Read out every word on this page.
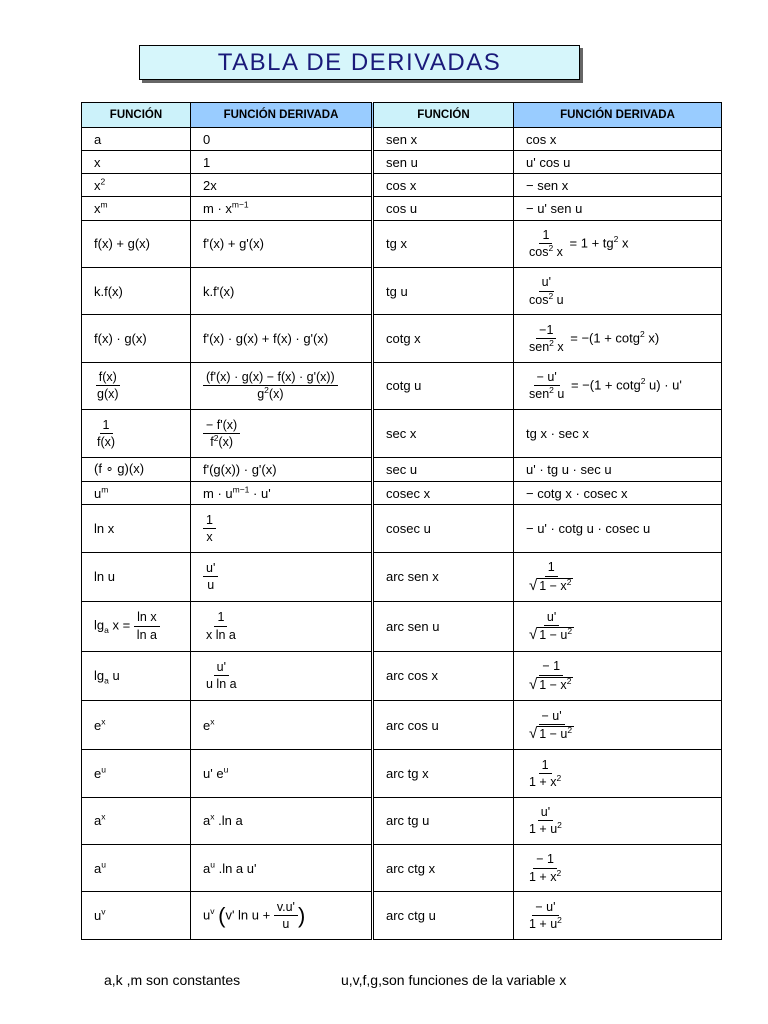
TABLA DE DERIVADAS
FUNCIÓN	FUNCIÓN DERIVADA	FUNCIÓN	FUNCIÓN DERIVADA
a	0	sen x	cos x
x	1	sen u	u' cos u
$x^2$	2x	cos x	− sen x
$x^m$	$m \cdot x^{m-1}$	cos u	− u' sen u
f(x) + g(x)	f'(x) + g'(x)	tg x	$\frac{1}{\cos^2 x} = 1 + tg^2$ x
k.f(x)	k.f'(x)	tg u	$\frac{u'}{\cos^2 u}$

f(x) · g(x)	f'(x) · g(x) + f(x) · g'(x)	cotg x	$\frac{-1}{sen^2 x} = -(1 + \cot g^2$ x)

$\frac{f(x)}{g(x)}$	$\frac{(f'(x) \cdot g(x) - f(x) \cdot g'(x))}{g^2(x)}$	cotg u	$\frac{- u'}{sen^2 u} = -(1 + \cot g^2$ u) · u'

$\frac{1}{f(x)}$	$\frac{- f'(x)}{f^2(x)}$	sec x	tg x · sec x
(f ∘ g)(x)	f'(g(x)) · g'(x)	sec u	u' · tg u · sec u
$u^m$	$m \cdot u^{m-1} \cdot u'$	cosec x	− cotg x · cosec x
ln x	$\frac{1}{x}$	cosec u	− u' · cotg u · cosec u
ln u	$\frac{u'}{u}$	arc sen x	$\frac{1}{√ 1 - x^2}$

$\lg_a x = \frac{\text{ln x}}{\text{ln a}}$	$\frac{1}{\text{x ln a}}$	arc sen u	$\frac{u'}{√ 1 - u^2}$

$\lg_a u$	$\frac{u'}{\text{u ln a}}$	arc cos x	$\frac{- 1}{√ 1 - x^2}$

$e^x$	$e^x$	arc cos u	$\frac{- u'}{√ 1 - u^2}$

$e^u$	u' $e^u$	arc tg x	$\frac{1}{1 + x^2}$

$a^x$	$a^x$ .ln a	arc tg u	$\frac{u'}{1 + u^2}$

$a^u$	$a^u$ .ln a u'	arc ctg x	$\frac{- 1}{1 + x^2}$

$u^v$	$u^v$ (v' $\ln u + \frac{v.u'}{u}$ )	arc ctg u	$\frac{- u'}{1 + u^2}$
a,k ,m son constantes	u,v,f,g,son funciones de la variable x
